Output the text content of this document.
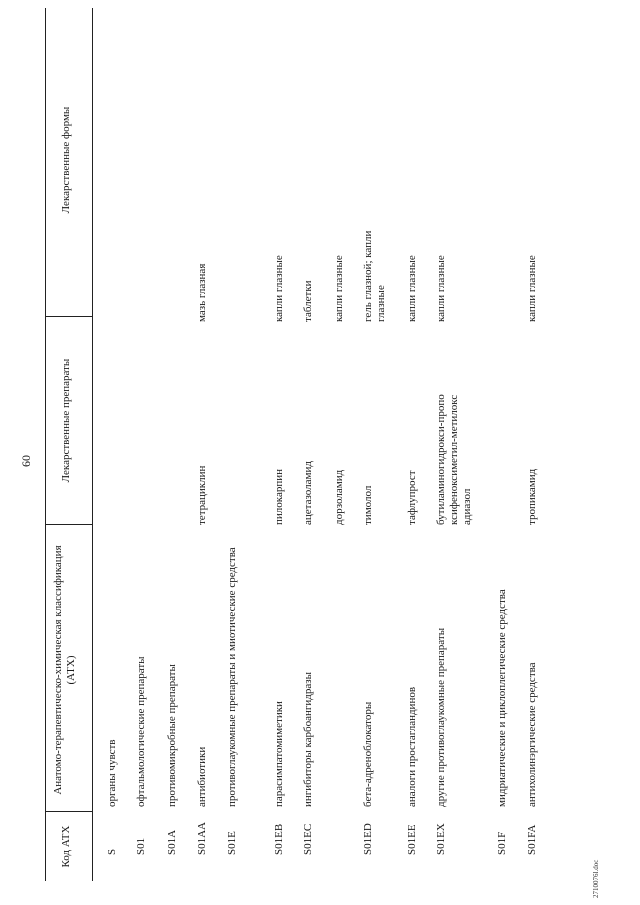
60
Код АТХ
Анатомо-терапевтическо-химическая классификация (АТХ)
Лекарственные препараты
Лекарственные формы
S
органы чувств
S01
офтальмологические препараты
S01A
противомикробные препараты
S01AA
антибиотики
тетрациклин
мазь глазная
S01E
противоглаукомные препараты и миотические средства
S01EB
парасимпатомиметики
пилокарпин
капли глазные
S01EC
ингибиторы карбоангидразы
ацетазоламид
таблетки
дорзоламид
капли глазные
S01ED
бета-адреноблокаторы
тимолол
гель глазной; капли глазные
S01EE
аналоги простагландинов
тафлупрост
капли глазные
S01EX
другие противоглаукомные препараты
бутиламиногидрокси-пропоксифеноксиметил-метилоксадиазол
капли глазные
S01F
мидриатические и циклоплегические средства
S01FA
антихолинэргические средства
тропикамид
капли глазные
2710076l.doc
